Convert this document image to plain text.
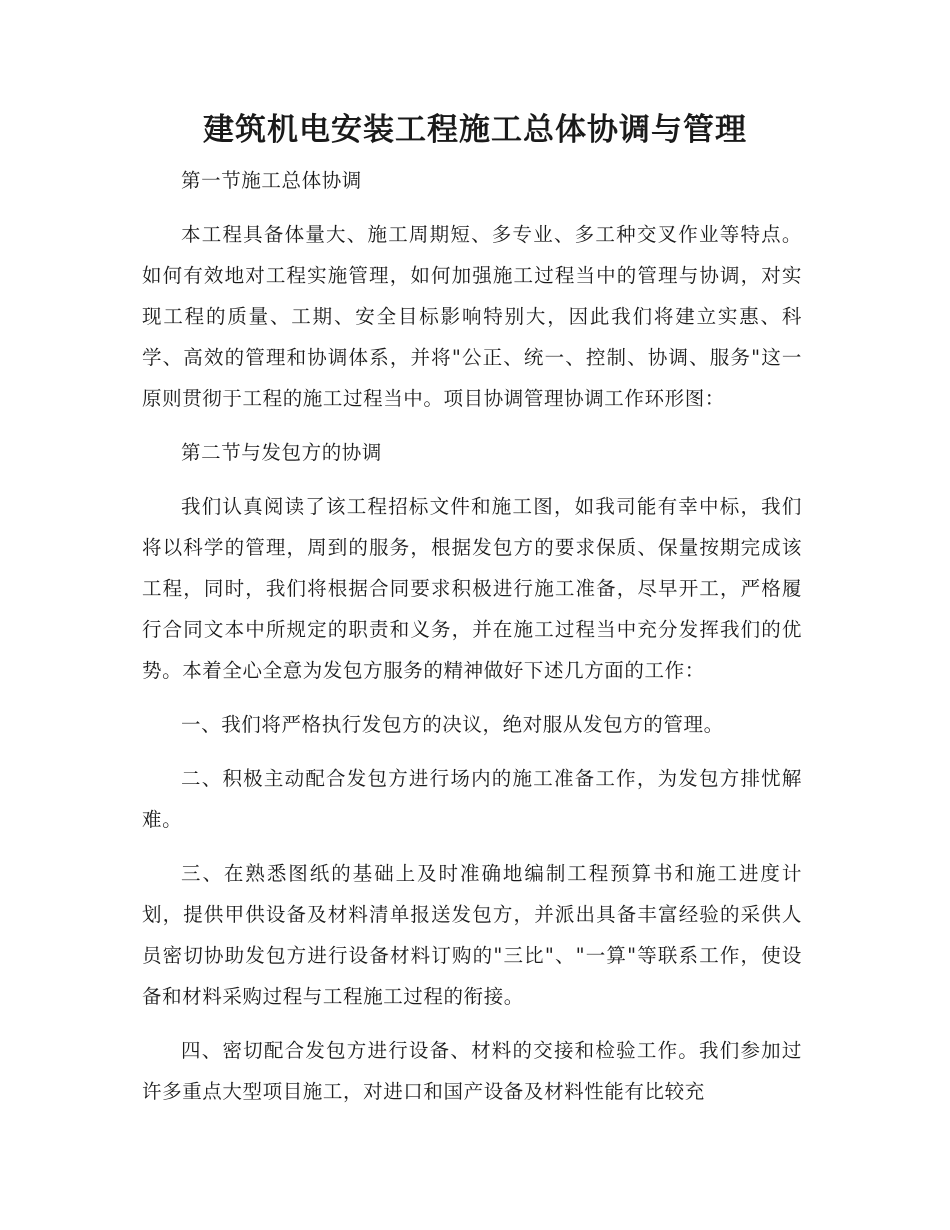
建筑机电安装工程施工总体协调与管理

第一节施工总体协调

本工程具备体量大、施工周期短、多专业、多工种交叉作业等特点。如何有效地对工程实施管理，如何加强施工过程当中的管理与协调，对实现工程的质量、工期、安全目标影响特别大，因此我们将建立实惠、科学、高效的管理和协调体系，并将"公正、统一、控制、协调、服务"这一原则贯彻于工程的施工过程当中。项目协调管理协调工作环形图：

第二节与发包方的协调

我们认真阅读了该工程招标文件和施工图，如我司能有幸中标，我们将以科学的管理，周到的服务，根据发包方的要求保质、保量按期完成该工程，同时，我们将根据合同要求积极进行施工准备，尽早开工，严格履行合同文本中所规定的职责和义务，并在施工过程当中充分发挥我们的优势。本着全心全意为发包方服务的精神做好下述几方面的工作：

一、我们将严格执行发包方的决议，绝对服从发包方的管理。

二、积极主动配合发包方进行场内的施工准备工作，为发包方排忧解难。

三、在熟悉图纸的基础上及时准确地编制工程预算书和施工进度计划，提供甲供设备及材料清单报送发包方，并派出具备丰富经验的采供人员密切协助发包方进行设备材料订购的"三比"、"一算"等联系工作，使设备和材料采购过程与工程施工过程的衔接。

四、密切配合发包方进行设备、材料的交接和检验工作。我们参加过许多重点大型项目施工，对进口和国产设备及材料性能有比较充
